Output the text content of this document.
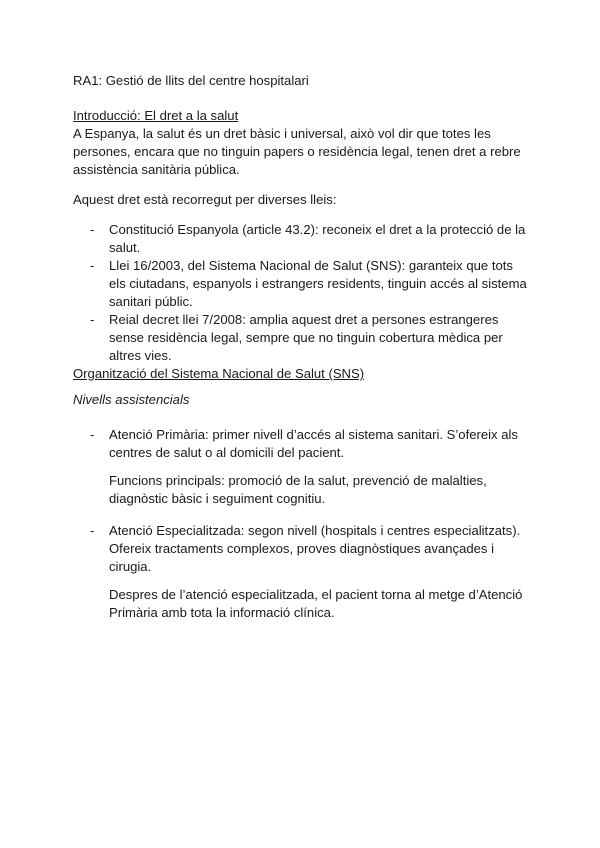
RA1: Gestió de llits del centre hospitalari

Introducció: El dret a la salut

A Espanya, la salut és un dret bàsic i universal, això vol dir que totes les
persones, encara que no tinguin papers o residència legal, tenen dret a rebre
assistència sanitària pública.

Aquest dret està recorregut per diverses lleis:

- Constitució Espanyola (article 43.2): reconeix el dret a la protecció de la
salut.
- Llei 16/2003, del Sistema Nacional de Salut (SNS): garanteix que tots
els ciutadans, espanyols i estrangers residents, tinguin accés al sistema
sanitari públic.
- Reial decret llei 7/2008: amplia aquest dret a persones estrangeres
sense residència legal, sempre que no tinguin cobertura mèdica per
altres vies.

Organització del Sistema Nacional de Salut (SNS)

Nivells assistencials

- Atenció Primària: primer nivell d’accés al sistema sanitari. S’ofereix als
centres de salut o al domicili del pacient.
Funcions principals: promoció de la salut, prevenció de malalties,
diagnòstic bàsic i seguiment cognitiu.
- Atenció Especialitzada: segon nivell (hospitals i centres especialitzats).
Ofereix tractaments complexos, proves diagnòstiques avançades i
cirugia.
Despres de l’atenció especialitzada, el pacient torna al metge d’Atenció
Primària amb tota la informació clínica.
